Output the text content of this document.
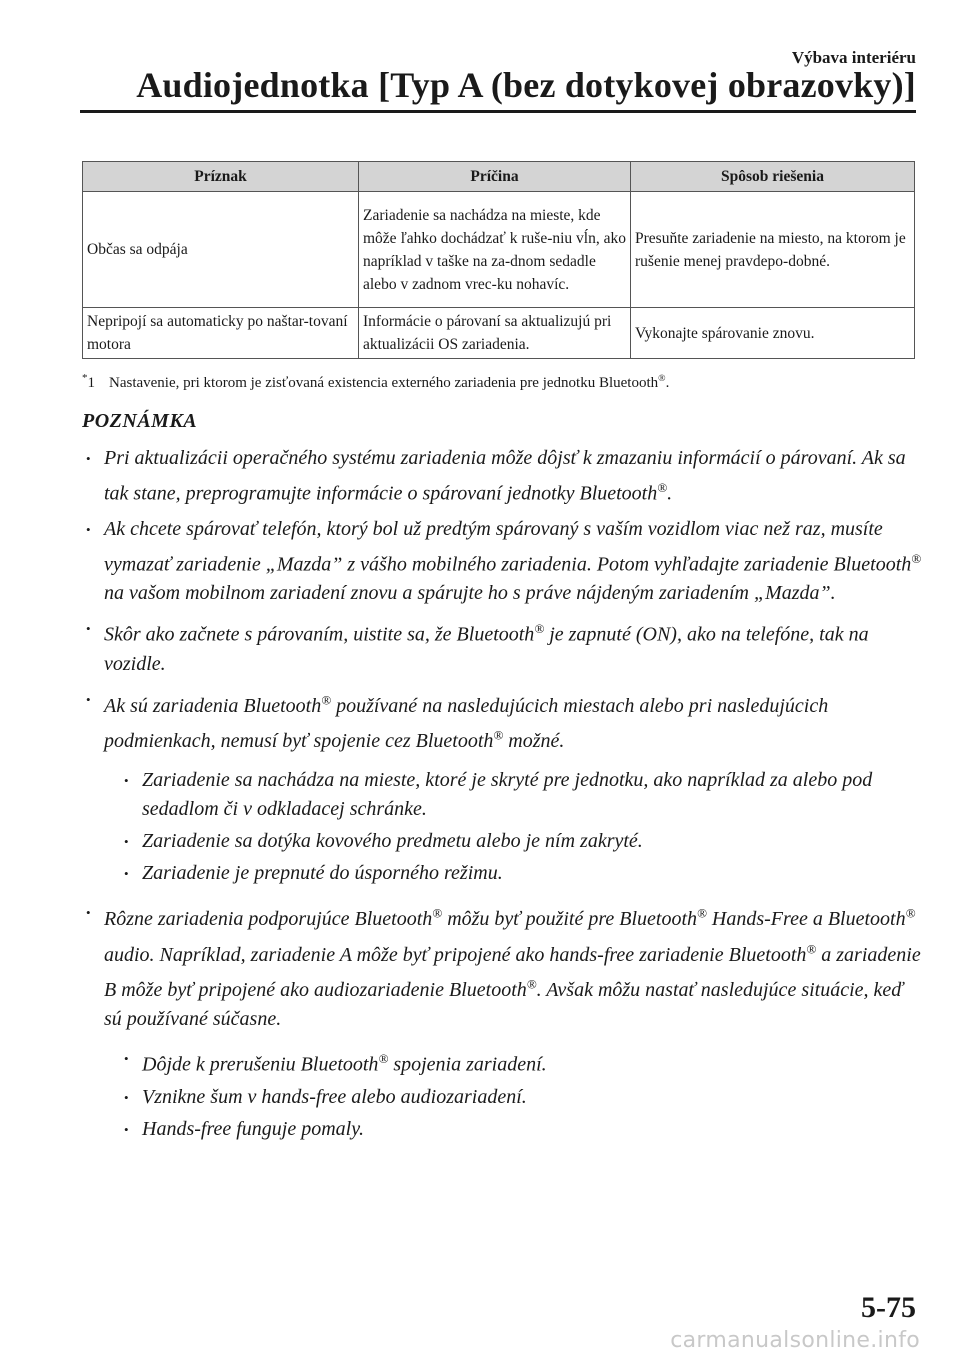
Výbava interiéru
Audiojednotka [Typ A (bez dotykovej obrazovky)]
Príznak	Príčina	Spôsob riešenia
Občas sa odpája	Zariadenie sa nachádza na mieste, kde môže ľahko dochádzať k ruše-niu vĺn, ako napríklad v taške na za-dnom sedadle alebo v zadnom vrec-ku nohavíc.	Presuňte zariadenie na miesto, na ktorom je rušenie menej pravdepo-dobné.
Nepripojí sa automaticky po naštar-tovaní motora	Informácie o párovaní sa aktualizujú pri aktualizácii OS zariadenia.	Vykonajte spárovanie znovu.
*1 Nastavenie, pri ktorom je zisťovaná existencia externého zariadenia pre jednotku Bluetooth®.
POZNÁMKA
• Pri aktualizácii operačného systému zariadenia môže dôjsť k zmazaniu informácií o párovaní. Ak sa tak stane, preprogramujte informácie o spárovaní jednotky Bluetooth®.
• Ak chcete spárovať telefón, ktorý bol už predtým spárovaný s vaším vozidlom viac než raz, musíte vymazať zariadenie „Mazda” z vášho mobilného zariadenia. Potom vyhľadajte zariadenie Bluetooth® na vašom mobilnom zariadení znovu a spárujte ho s práve nájdeným zariadením „Mazda”.
• Skôr ako začnete s párovaním, uistite sa, že Bluetooth® je zapnuté (ON), ako na telefóne, tak na vozidle.
• Ak sú zariadenia Bluetooth® používané na nasledujúcich miestach alebo pri nasledujúcich podmienkach, nemusí byť spojenie cez Bluetooth® možné.
• Zariadenie sa nachádza na mieste, ktoré je skryté pre jednotku, ako napríklad za alebo pod sedadlom či v odkladacej schránke.
• Zariadenie sa dotýka kovového predmetu alebo je ním zakryté.
• Zariadenie je prepnuté do úsporného režimu.
• Rôzne zariadenia podporujúce Bluetooth® môžu byť použité pre Bluetooth® Hands-Free a Bluetooth® audio. Napríklad, zariadenie A môže byť pripojené ako hands-free zariadenie Bluetooth® a zariadenie B môže byť pripojené ako audiozariadenie Bluetooth®. Avšak môžu nastať nasledujúce situácie, keď sú používané súčasne.
• Dôjde k prerušeniu Bluetooth® spojenia zariadení.
• Vznikne šum v hands-free alebo audiozariadení.
• Hands-free funguje pomaly.
5-75
carmanualsonline.info
